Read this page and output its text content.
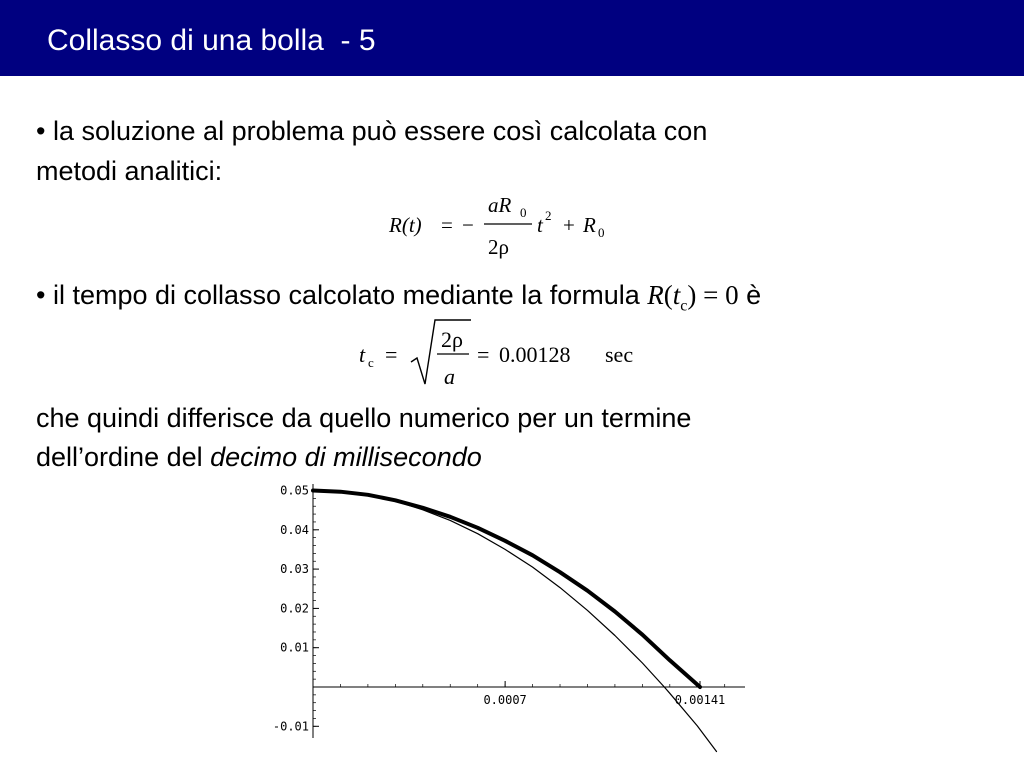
Collasso di una bolla  - 5
• la soluzione al problema può essere così calcolata con
metodi analitici:
R(t) = −
aR 0
2ρ
t 2 + R 0
• il tempo di collasso calcolato mediante la formula $R(t_c) = 0$ è
t c =
2ρ
a
= 0.00128 sec
che quindi differisce da quello numerico per un termine
dell’ordine del decimo di millisecondo
0.05
0.04
0.03
0.02
0.01
-0.01
0.0007	0.00141
